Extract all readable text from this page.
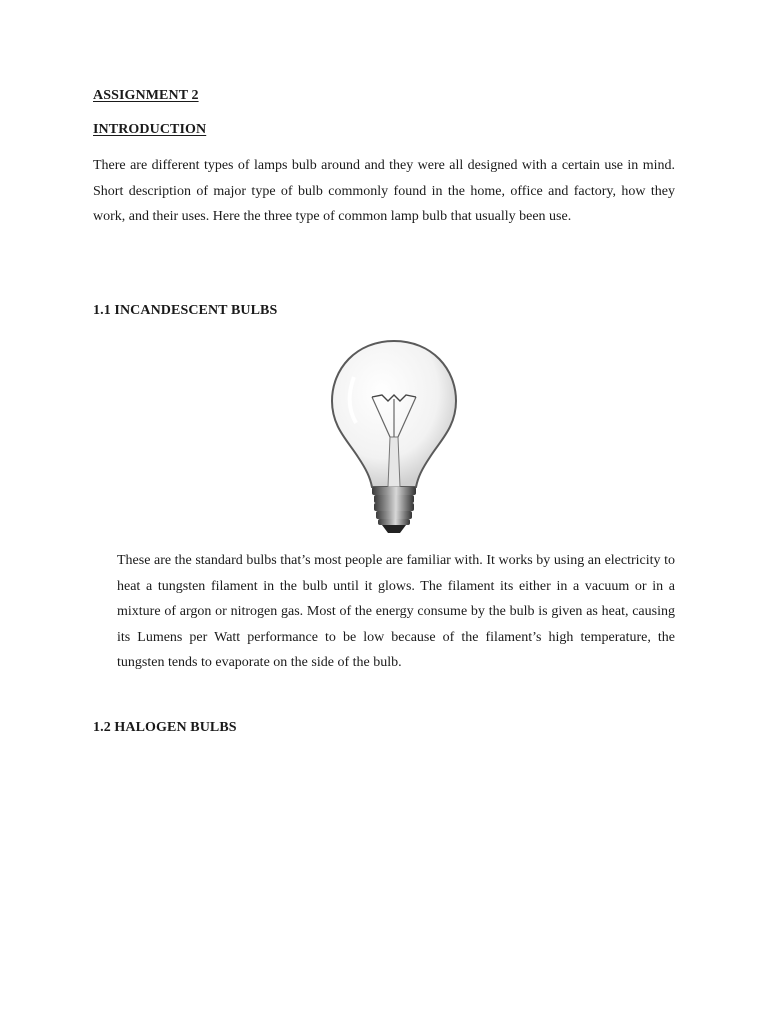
ASSIGNMENT 2
INTRODUCTION

There are different types of lamps bulb around and they were all designed with a certain use in mind. Short description of major type of bulb commonly found in the home, office and factory, how they work, and their uses. Here the three type of common lamp bulb that usually been use.

1.1 INCANDESCENT BULBS

These are the standard bulbs that’s most people are familiar with. It works by using an electricity to heat a tungsten filament in the bulb until it glows. The filament its either in a vacuum or in a mixture of argon or nitrogen gas. Most of the energy consume by the bulb is given as heat, causing its Lumens per Watt performance to be low because of the filament’s high temperature, the tungsten tends to evaporate on the side of the bulb.

1.2 HALOGEN BULBS
